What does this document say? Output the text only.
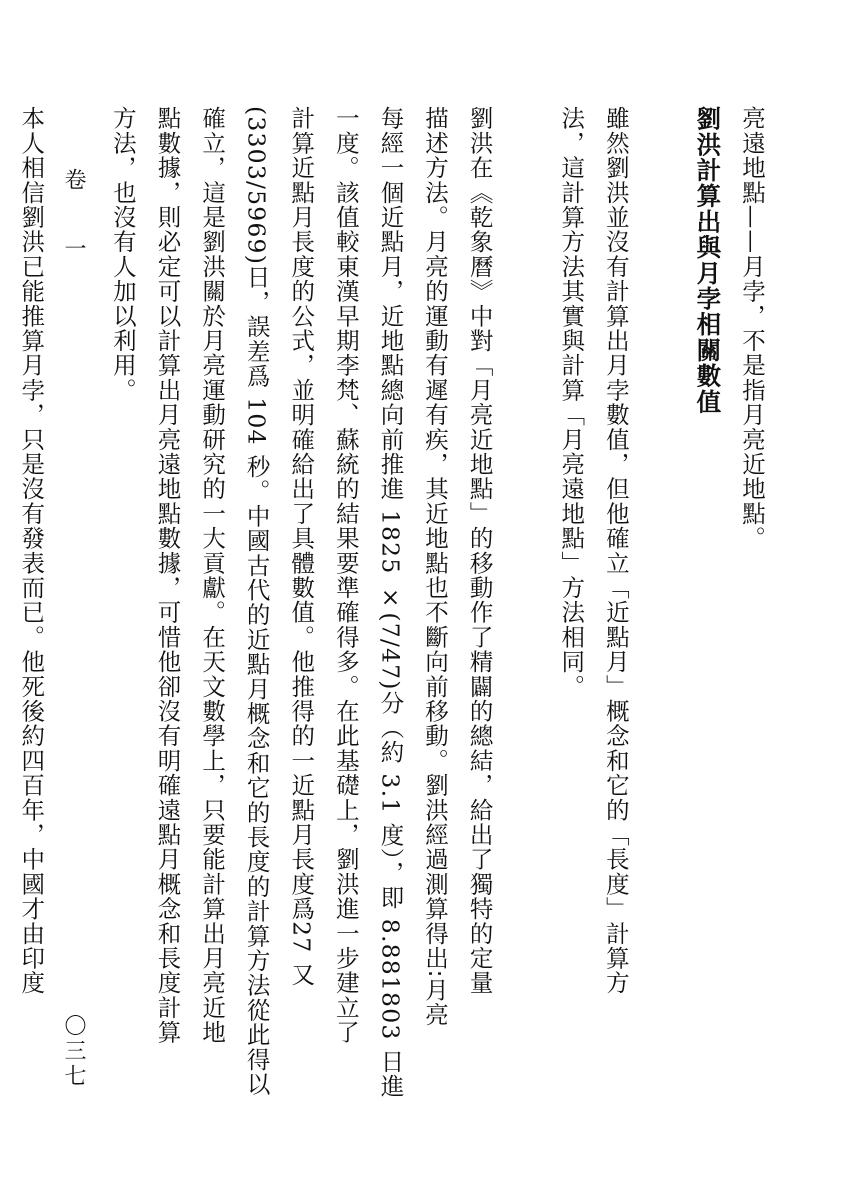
亮遠地點——月孛，不是指月亮近地點。
劉洪計算出與月孛相關數值
雖然劉洪並沒有計算出月孛數值，但他確立「近點月」概念和它的「長度」計算方
法，這計算方法其實與計算「月亮遠地點」方法相同。
劉洪在《乾象曆》中對「月亮近地點」的移動作了精闢的總結，給出了獨特的定量
描述方法。月亮的運動有遲有疾，其近地點也不斷向前移動。劉洪經過測算得出∶月亮
每經一個近點月，近地點總向前推進 1825 ×(7/47)分（約 3.1 度），即 8.881803 日進
一度。該值較東漢早期李梵、蘇統的結果要準確得多。在此基礎上，劉洪進一步建立了
計算近點月長度的公式，並明確給出了具體數值。他推得的一近點月長度爲27 又
(3303/5969)日，誤差爲 104 秒。中國古代的近點月概念和它的長度的計算方法從此得以
確立，這是劉洪關於月亮運動研究的一大貢獻。在天文數學上，只要能計算出月亮近地
點數據，則必定可以計算出月亮遠地點數據，可惜他卻沒有明確遠點月概念和長度計算
方法，也沒有人加以利用。
本人相信劉洪已能推算月孛，只是沒有發表而已。他死後約四百年，中國才由印度 卷 一
〇三七
